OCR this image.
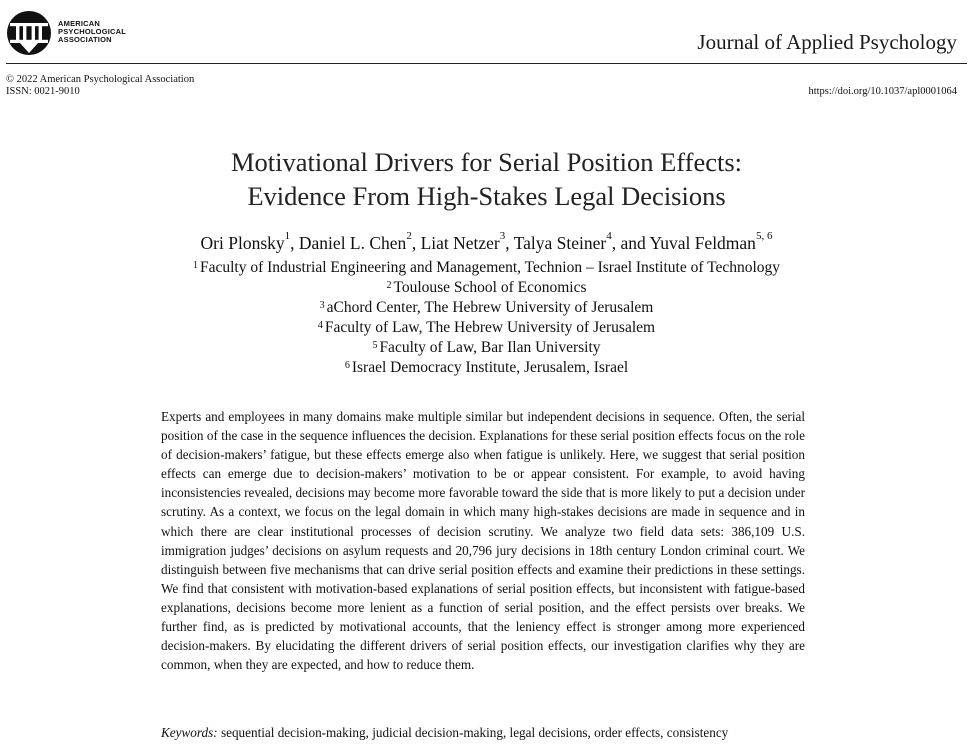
AMERICAN
PSYCHOLOGICAL
ASSOCIATION	Journal of Applied Psychology
© 2022 American Psychological Association
ISSN: 0021-9010	https://doi.org/10.1037/apl0001064
Motivational Drivers for Serial Position Effects:
Evidence From High-Stakes Legal Decisions
Ori Plonsky$^1$, Daniel L. Chen$^2$, Liat Netzer$^3$, Talya Steiner$^4$, and Yuval Feldman$^{5, 6}$
$^1$ Faculty of Industrial Engineering and Management, Technion – Israel Institute of Technology
$^2$ Toulouse School of Economics
$^3$ aChord Center, The Hebrew University of Jerusalem
$^4$ Faculty of Law, The Hebrew University of Jerusalem
$^5$ Faculty of Law, Bar Ilan University
$^6$ Israel Democracy Institute, Jerusalem, Israel

Experts and employees in many domains make multiple similar but independent decisions in sequence. Often, the serial position of the case in the sequence influences the decision. Explanations for these serial position effects focus on the role of decision-makers’ fatigue, but these effects emerge also when fatigue is unlikely. Here, we suggest that serial position effects can emerge due to decision-makers’ motivation to be or appear consistent. For example, to avoid having inconsistencies revealed, decisions may become more favorable toward the side that is more likely to put a decision under scrutiny. As a context, we focus on the legal domain in which many high-stakes decisions are made in sequence and in which there are clear institutional processes of decision scrutiny. We analyze two field data sets: 386,109 U.S. immigration judges’ decisions on asylum requests and 20,796 jury decisions in 18th century London criminal court. We distinguish between five mechanisms that can drive serial position effects and examine their predictions in these settings. We find that consistent with motivation-based explanations of serial position effects, but inconsistent with fatigue-based explanations, decisions become more lenient as a function of serial position, and the effect persists over breaks. We further find, as is predicted by motivational accounts, that the leniency effect is stronger among more experienced decision-makers. By elucidating the different drivers of serial position effects, our investigation clarifies why they are common, when they are expected, and how to reduce them.

Keywords: sequential decision-making, judicial decision-making, legal decisions, order effects, consistency
